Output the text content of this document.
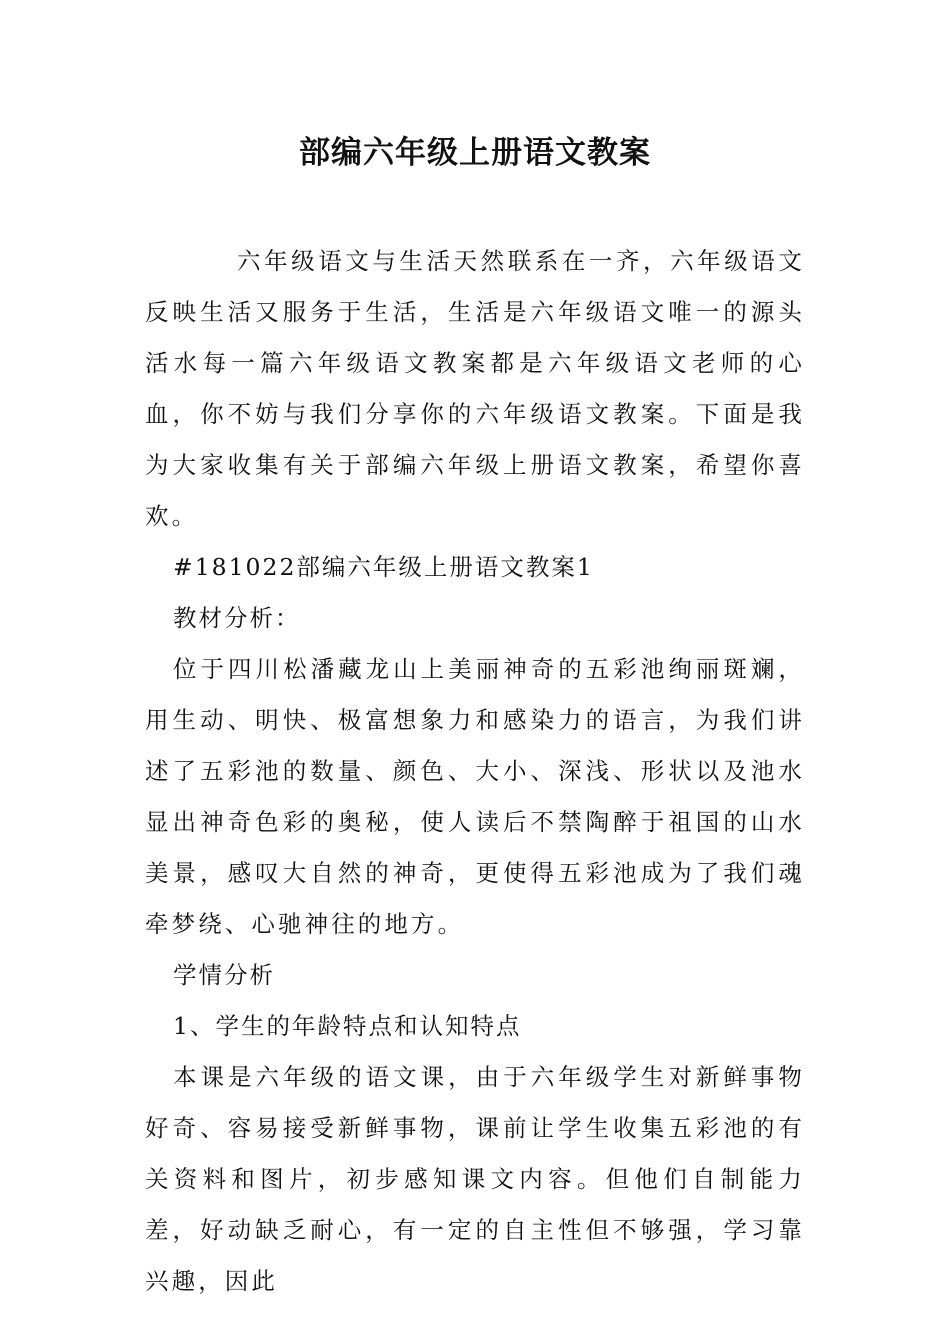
部编六年级上册语文教案

六年级语文与生活天然联系在一齐，六年级语文反映生活又服务于生活，生活是六年级语文唯一的源头活水每一篇六年级语文教案都是六年级语文老师的心血，你不妨与我们分享你的六年级语文教案。下面是我为大家收集有关于部编六年级上册语文教案，希望你喜欢。

#181022部编六年级上册语文教案1

教材分析：

位于四川松潘藏龙山上美丽神奇的五彩池绚丽斑斓，用生动、明快、极富想象力和感染力的语言，为我们讲述了五彩池的数量、颜色、大小、深浅、形状以及池水显出神奇色彩的奥秘，使人读后不禁陶醉于祖国的山水美景，感叹大自然的神奇，更使得五彩池成为了我们魂牵梦绕、心驰神往的地方。

学情分析

1、学生的年龄特点和认知特点

本课是六年级的语文课，由于六年级学生对新鲜事物好奇、容易接受新鲜事物，课前让学生收集五彩池的有关资料和图片，初步感知课文内容。但他们自制能力差，好动缺乏耐心，有一定的自主性但不够强，学习靠兴趣，因此
